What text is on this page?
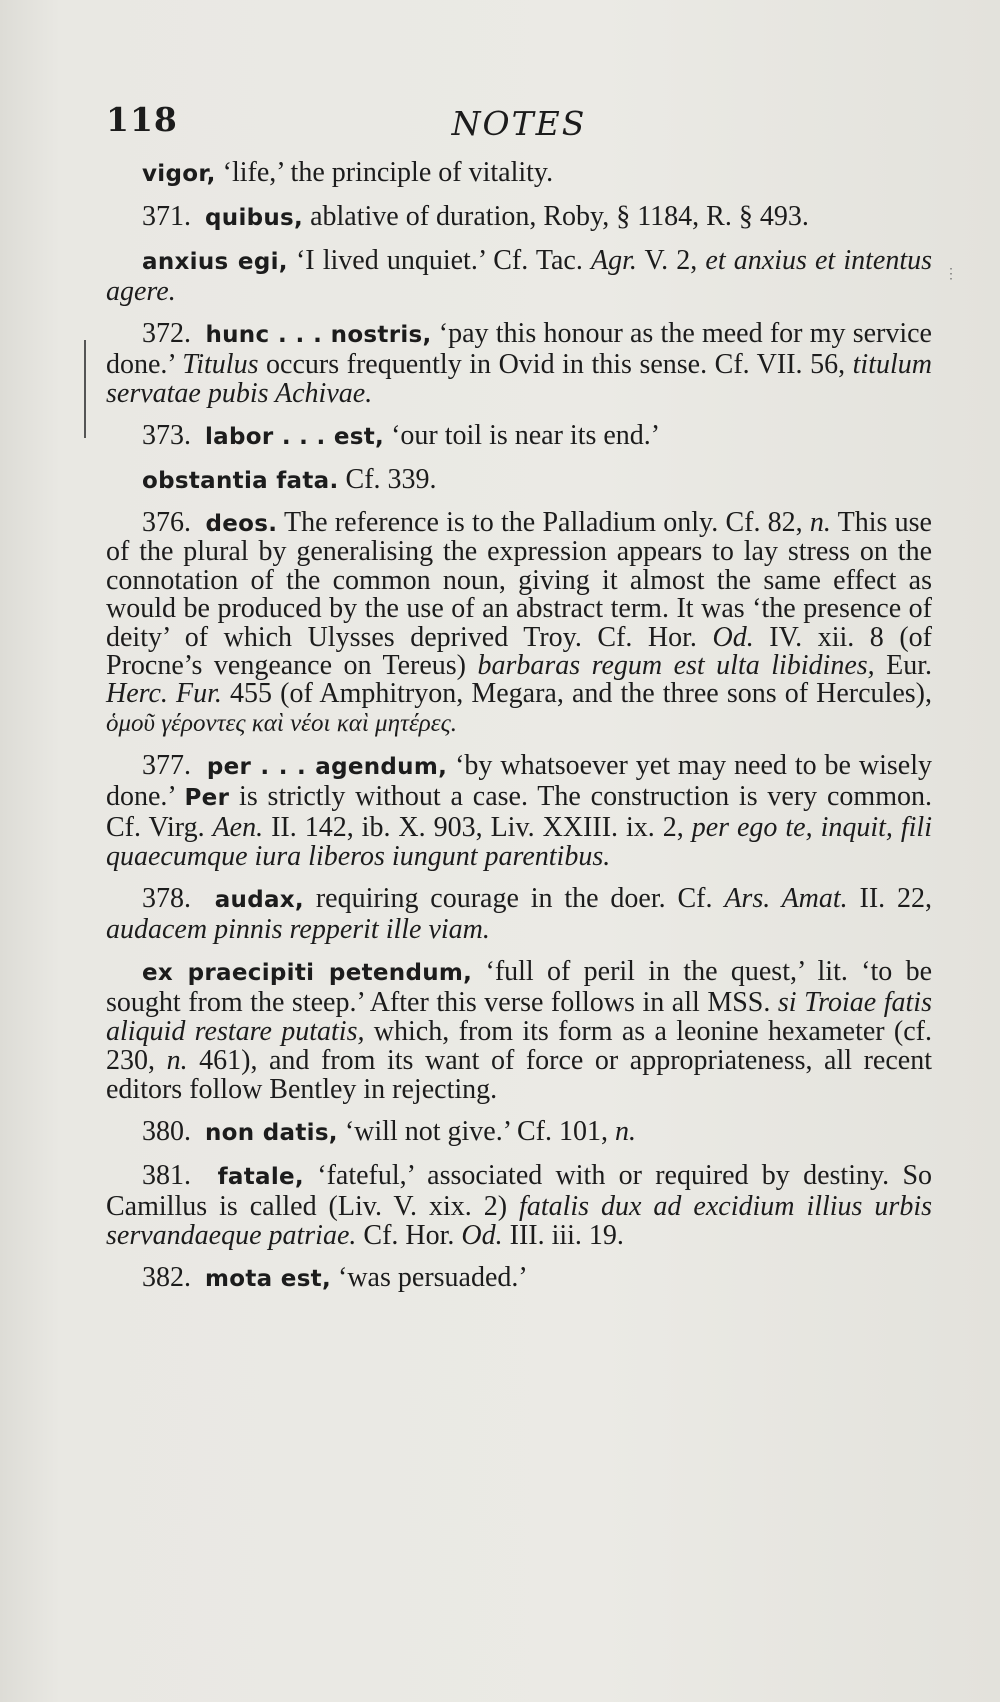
⋮
118	NOTES

vigor, ‘life,’ the principle of vitality.

371. quibus, ablative of duration, Roby, § 1184, R. § 493.

anxius egi, ‘I lived unquiet.’ Cf. Tac. Agr. V. 2, et anxius et intentus agere.

372. hunc . . . nostris, ‘pay this honour as the meed for my service done.’ Titulus occurs frequently in Ovid in this sense. Cf. VII. 56, titulum servatae pubis Achivae.

373. labor . . . est, ‘our toil is near its end.’

obstantia fata. Cf. 339.

376. deos. The reference is to the Palladium only. Cf. 82, n. This use of the plural by generalising the expression appears to lay stress on the connotation of the common noun, giving it almost the same effect as would be produced by the use of an abstract term. It was ‘the presence of deity’ of which Ulysses deprived Troy. Cf. Hor. Od. IV. xii. 8 (of Procne’s vengeance on Tereus) barbaras regum est ulta libidines, Eur. Herc. Fur. 455 (of Amphitryon, Megara, and the three sons of Hercules), ὁμοῦ γέροντες καὶ νέοι καὶ μητέρες.

377. per . . . agendum, ‘by whatsoever yet may need to be wisely done.’ Per is strictly without a case. The construction is very common. Cf. Virg. Aen. II. 142, ib. X. 903, Liv. XXIII. ix. 2, per ego te, inquit, fili quaecumque iura liberos iungunt parentibus.

378. audax, requiring courage in the doer. Cf. Ars. Amat. II. 22, audacem pinnis repperit ille viam.

ex praecipiti petendum, ‘full of peril in the quest,’ lit. ‘to be sought from the steep.’ After this verse follows in all MSS. si Troiae fatis aliquid restare putatis, which, from its form as a leonine hexameter (cf. 230, n. 461), and from its want of force or appropriateness, all recent editors follow Bentley in rejecting.

380. non datis, ‘will not give.’ Cf. 101, n.

381. fatale, ‘fateful,’ associated with or required by destiny. So Camillus is called (Liv. V. xix. 2) fatalis dux ad excidium illius urbis servandaeque patriae. Cf. Hor. Od. III. iii. 19.

382. mota est, ‘was persuaded.’
